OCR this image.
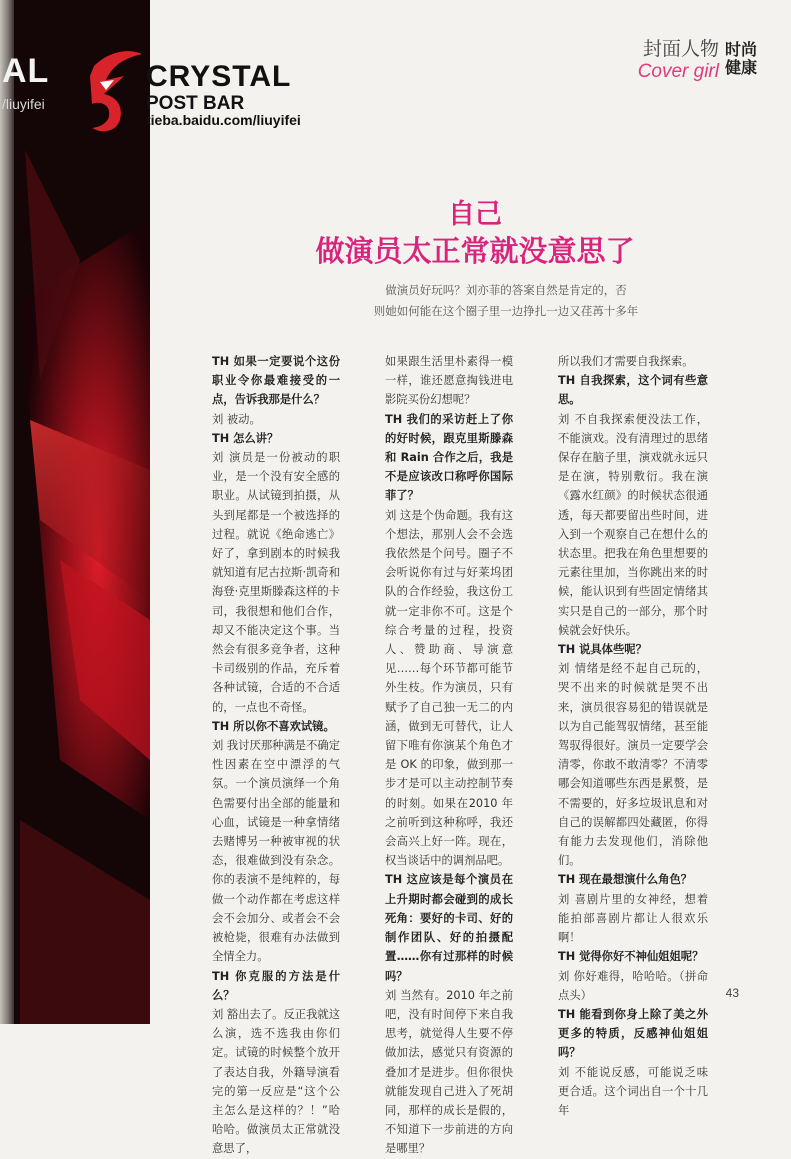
AL
/liuyifei
CRYSTAL
POST BAR
tieba.baidu.com/liuyifei
封面人物
Cover girl
时尚健康
自己
做演员太正常就没意思了
做演员好玩吗？刘亦菲的答案自然是肯定的，否
则她如何能在这个圈子里一边挣扎一边又荏苒十多年

TH 如果一定要说个这份职业令你最难接受的一点，告诉我那是什么？

刘 被动。

TH 怎么讲？

刘 演员是一份被动的职业，是一个没有安全感的职业。从试镜到拍摄，从头到尾都是一个被选择的过程。就说《绝命逃亡》好了，拿到剧本的时候我就知道有尼古拉斯·凯奇和海登·克里斯滕森这样的卡司，我很想和他们合作，却又不能决定这个事。当然会有很多竞争者，这种卡司级别的作品，充斥着各种试镜，合适的不合适的，一点也不奇怪。

TH 所以你不喜欢试镜。

刘 我讨厌那种满是不确定性因素在空中漂浮的气氛。一个演员演绎一个角色需要付出全部的能量和心血，试镜是一种拿情绪去赌博另一种被审视的状态，很难做到没有杂念。你的表演不是纯粹的，每做一个动作都在考虑这样会不会加分、或者会不会被枪毙，很难有办法做到全情全力。

TH 你克服的方法是什么？

刘 豁出去了。反正我就这么演，选不选我由你们定。试镜的时候整个放开了表达自我，外籍导演看完的第一反应是“这个公主怎么是这样的？！”哈哈哈。做演员太正常就没意思了，

如果跟生活里朴素得一模一样，谁还愿意掏钱进电影院买份幻想呢？

TH 我们的采访赶上了你的好时候，跟克里斯滕森和 Rain 合作之后，我是不是应该改口称呼你国际菲了？

刘 这是个伪命题。我有这个想法，那别人会不会选我依然是个问号。圈子不会听说你有过与好莱坞团队的合作经验，我这份工就一定非你不可。这是个综合考量的过程，投资人、赞助商、导演意见……每个环节都可能节外生枝。作为演员，只有赋予了自己独一无二的内涵，做到无可替代，让人留下唯有你演某个角色才是 OK 的印象，做到那一步才是可以主动控制节奏的时刻。如果在2010 年之前听到这种称呼，我还会高兴上好一阵。现在，权当谈话中的调剂品吧。

TH 这应该是每个演员在上升期时都会碰到的成长死角：要好的卡司、好的制作团队、好的拍摄配置……你有过那样的时候吗？

刘 当然有。2010 年之前吧，没有时间停下来自我思考，就觉得人生要不停做加法，感觉只有资源的叠加才是进步。但你很快就能发现自己进入了死胡同，那样的成长是假的，不知道下一步前进的方向是哪里？

所以我们才需要自我探索。

TH 自我探索，这个词有些意思。

刘 不自我探索便没法工作，不能演戏。没有清理过的思绪保存在脑子里，演戏就永远只是在演，特别敷衍。我在演《露水红颜》的时候状态很通透，每天都要留出些时间，进入到一个观察自己在想什么的状态里。把我在角色里想要的元素往里加，当你跳出来的时候，能认识到有些固定情绪其实只是自己的一部分，那个时候就会好快乐。

TH 说具体些呢？

刘 情绪是经不起自己玩的，哭不出来的时候就是哭不出来，演员很容易犯的错误就是以为自己能驾驭情绪，甚至能驾驭得很好。演员一定要学会清零，你敢不敢清零？不清零哪会知道哪些东西是累赘，是不需要的，好多垃圾讯息和对自己的误解都四处藏匿，你得有能力去发现他们，消除他们。

TH 现在最想演什么角色？

刘 喜剧片里的女神经，想着能拍部喜剧片都让人很欢乐啊！

TH 觉得你好不神仙姐姐呢？

刘 你好难得，哈哈哈。（拼命点头）

TH 能看到你身上除了美之外更多的特质，反感神仙姐姐吗？

刘 不能说反感，可能说乏味更合适。这个词出自一个十几年

43
